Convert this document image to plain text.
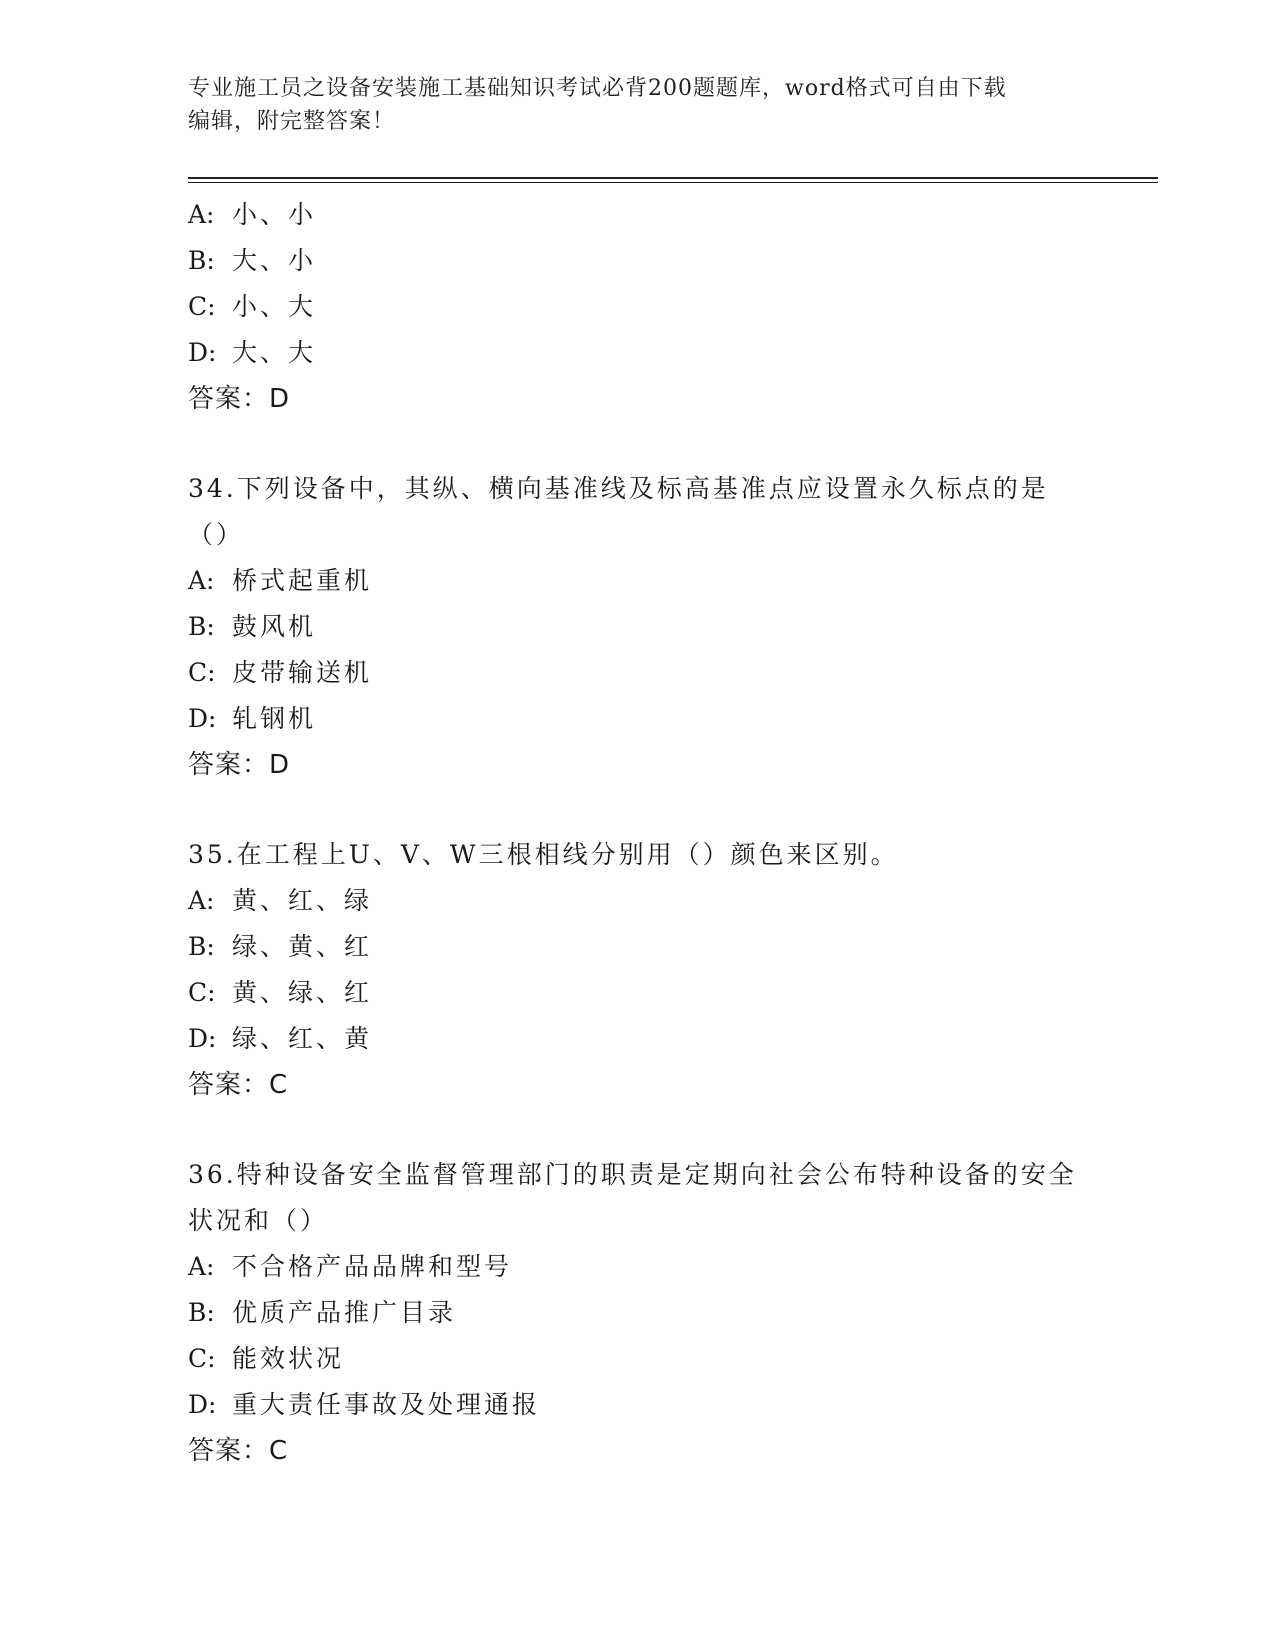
专业施工员之设备安装施工基础知识考试必背200题题库，word格式可自由下载
编辑，附完整答案！
A: 小、小
B: 大、小
C: 小、大
D: 大、大
答案：D
34.下列设备中，其纵、横向基准线及标高基准点应设置永久标点的是（）
A: 桥式起重机
B: 鼓风机
C: 皮带输送机
D: 轧钢机
答案：D
35.在工程上U、V、W三根相线分别用（）颜色来区别。
A: 黄、红、绿
B: 绿、黄、红
C: 黄、绿、红
D: 绿、红、黄
答案：C
36.特种设备安全监督管理部门的职责是定期向社会公布特种设备的安全状况和（）
A: 不合格产品品牌和型号
B: 优质产品推广目录
C: 能效状况
D: 重大责任事故及处理通报
答案：C
